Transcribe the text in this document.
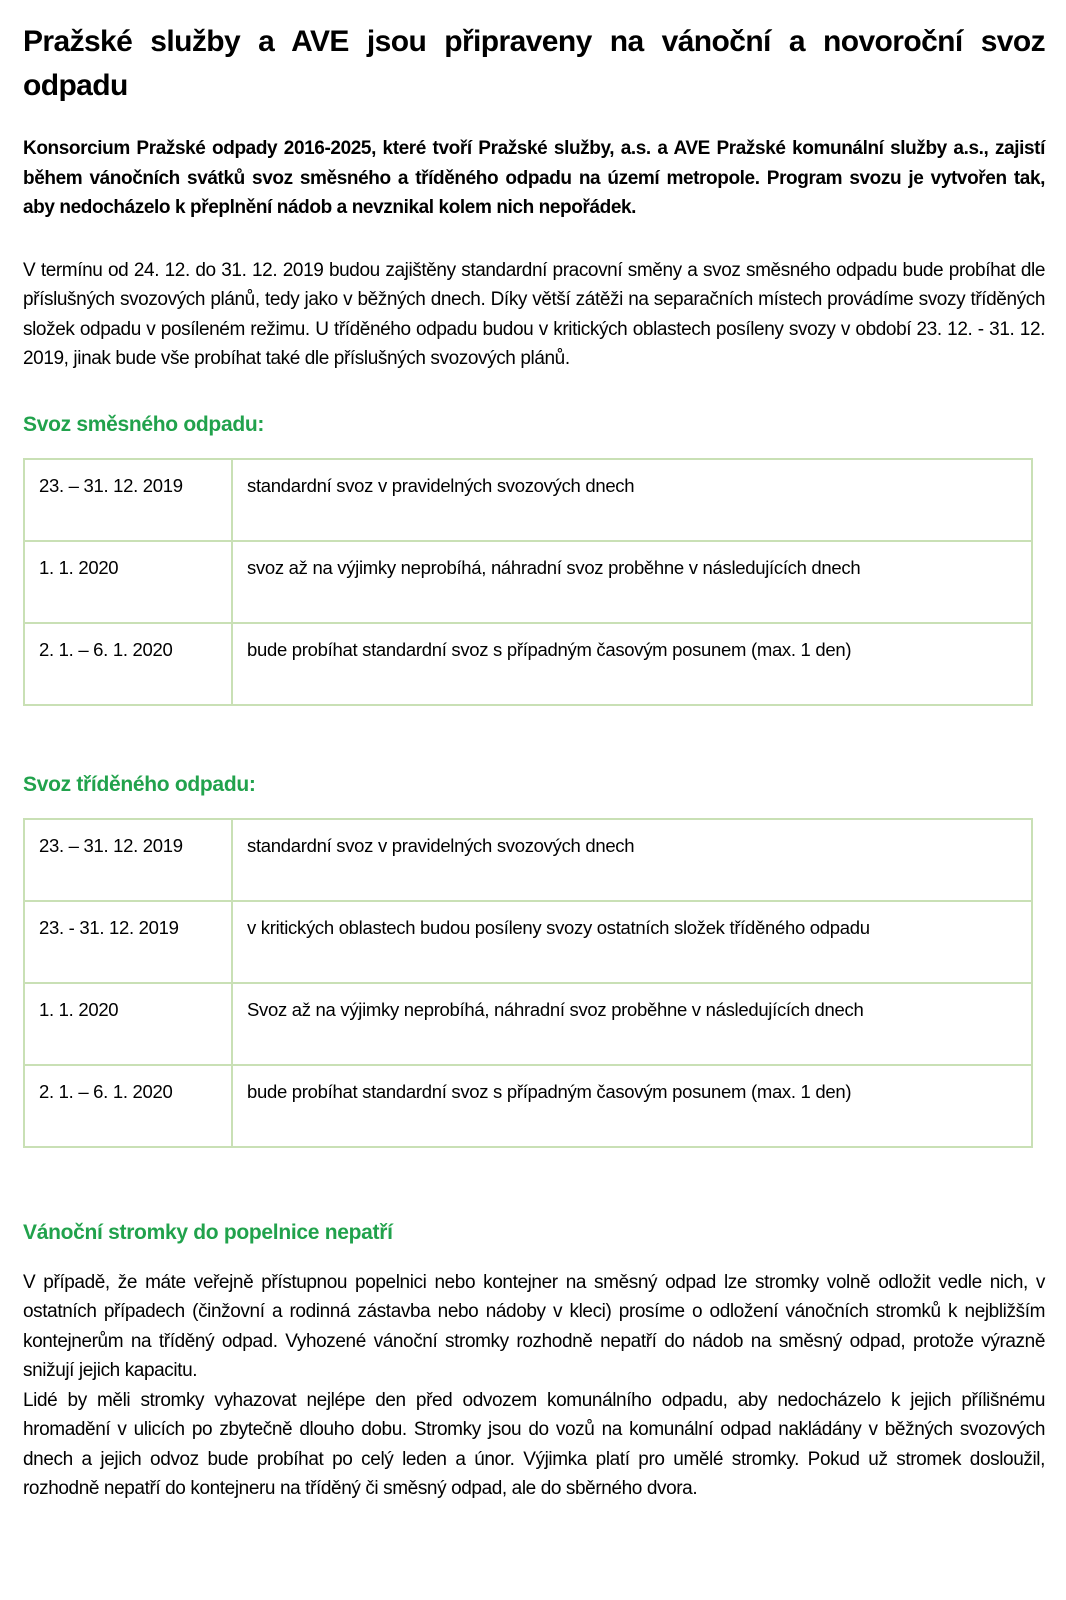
Pražské služby a AVE jsou připraveny na vánoční a novoroční svoz odpadu

Konsorcium Pražské odpady 2016-2025, které tvoří Pražské služby, a.s. a AVE Pražské komunální služby a.s., zajistí během vánočních svátků svoz směsného a tříděného odpadu na území metropole. Program svozu je vytvořen tak, aby nedocházelo k přeplnění nádob a nevznikal kolem nich nepořádek.

V termínu od 24. 12. do 31. 12. 2019 budou zajištěny standardní pracovní směny a svoz směsného odpadu bude probíhat dle příslušných svozových plánů, tedy jako v běžných dnech. Díky větší zátěži na separačních místech provádíme svozy tříděných složek odpadu v posíleném režimu. U tříděného odpadu budou v kritických oblastech posíleny svozy v období 23. 12. - 31. 12. 2019, jinak bude vše probíhat také dle příslušných svozových plánů.

Svoz směsného odpadu:
23. – 31. 12. 2019	standardní svoz v pravidelných svozových dnech
1. 1. 2020	svoz až na výjimky neprobíhá, náhradní svoz proběhne v následujících dnech
2. 1. – 6. 1. 2020	bude probíhat standardní svoz s případným časovým posunem (max. 1 den)
Svoz tříděného odpadu:
23. – 31. 12. 2019	standardní svoz v pravidelných svozových dnech
23. - 31. 12. 2019	v kritických oblastech budou posíleny svozy ostatních složek tříděného odpadu
1. 1. 2020	Svoz až na výjimky neprobíhá, náhradní svoz proběhne v následujících dnech
2. 1. – 6. 1. 2020	bude probíhat standardní svoz s případným časovým posunem (max. 1 den)
Vánoční stromky do popelnice nepatří

V případě, že máte veřejně přístupnou popelnici nebo kontejner na směsný odpad lze stromky volně odložit vedle nich, v ostatních případech (činžovní a rodinná zástavba nebo nádoby v kleci) prosíme o odložení vánočních stromků k nejbližším kontejnerům na tříděný odpad. Vyhozené vánoční stromky rozhodně nepatří do nádob na směsný odpad, protože výrazně snižují jejich kapacitu.

Lidé by měli stromky vyhazovat nejlépe den před odvozem komunálního odpadu, aby nedocházelo k jejich přílišnému hromadění v ulicích po zbytečně dlouho dobu. Stromky jsou do vozů na komunální odpad nakládány v běžných svozových dnech a jejich odvoz bude probíhat po celý leden a únor. Výjimka platí pro umělé stromky. Pokud už stromek dosloužil, rozhodně nepatří do kontejneru na tříděný či směsný odpad, ale do sběrného dvora.
